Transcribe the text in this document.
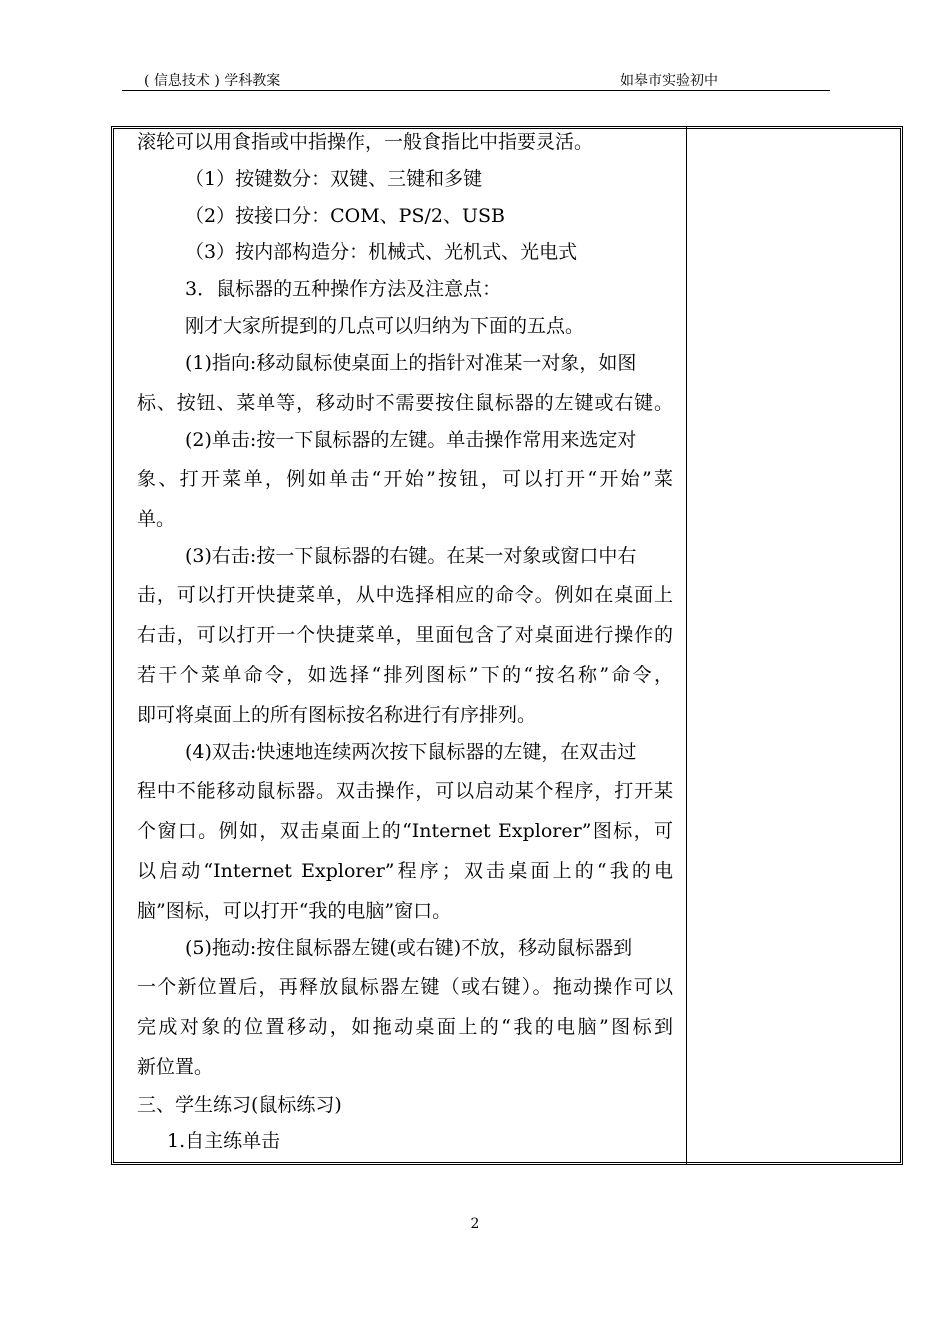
( 信息技术 ) 学科教案	如皋市实验初中
滚轮可以用食指或中指操作，一般食指比中指要灵活。
（1）按键数分：双键、三键和多键
（2）按接口分：COM、PS/2、USB
（3）按内部构造分：机械式、光机式、光电式
3．鼠标器的五种操作方法及注意点：
刚才大家所提到的几点可以归纳为下面的五点。
(1)指向:移动鼠标使桌面上的指针对准某一对象，如图
标、按钮、菜单等，移动时不需要按住鼠标器的左键或右键。
(2)单击:按一下鼠标器的左键。单击操作常用来选定对
象、打开菜单，例如单击“开始”按钮，可以打开“开始”菜
单。
(3)右击:按一下鼠标器的右键。在某一对象或窗口中右
击，可以打开快捷菜单，从中选择相应的命令。例如在桌面上
右击，可以打开一个快捷菜单，里面包含了对桌面进行操作的
若干个菜单命令，如选择“排列图标”下的“按名称”命令，
即可将桌面上的所有图标按名称进行有序排列。
(4)双击:快速地连续两次按下鼠标器的左键，在双击过
程中不能移动鼠标器。双击操作，可以启动某个程序，打开某
个窗口。例如，双击桌面上的“Internet Explorer”图标，可
以启动“Internet Explorer”程序；双击桌面上的“我的电
脑”图标，可以打开“我的电脑”窗口。
(5)拖动:按住鼠标器左键(或右键)不放，移动鼠标器到
一个新位置后，再释放鼠标器左键（或右键）。拖动操作可以
完成对象的位置移动，如拖动桌面上的“我的电脑”图标到
新位置。
三、学生练习(鼠标练习)
1.自主练单击
2
